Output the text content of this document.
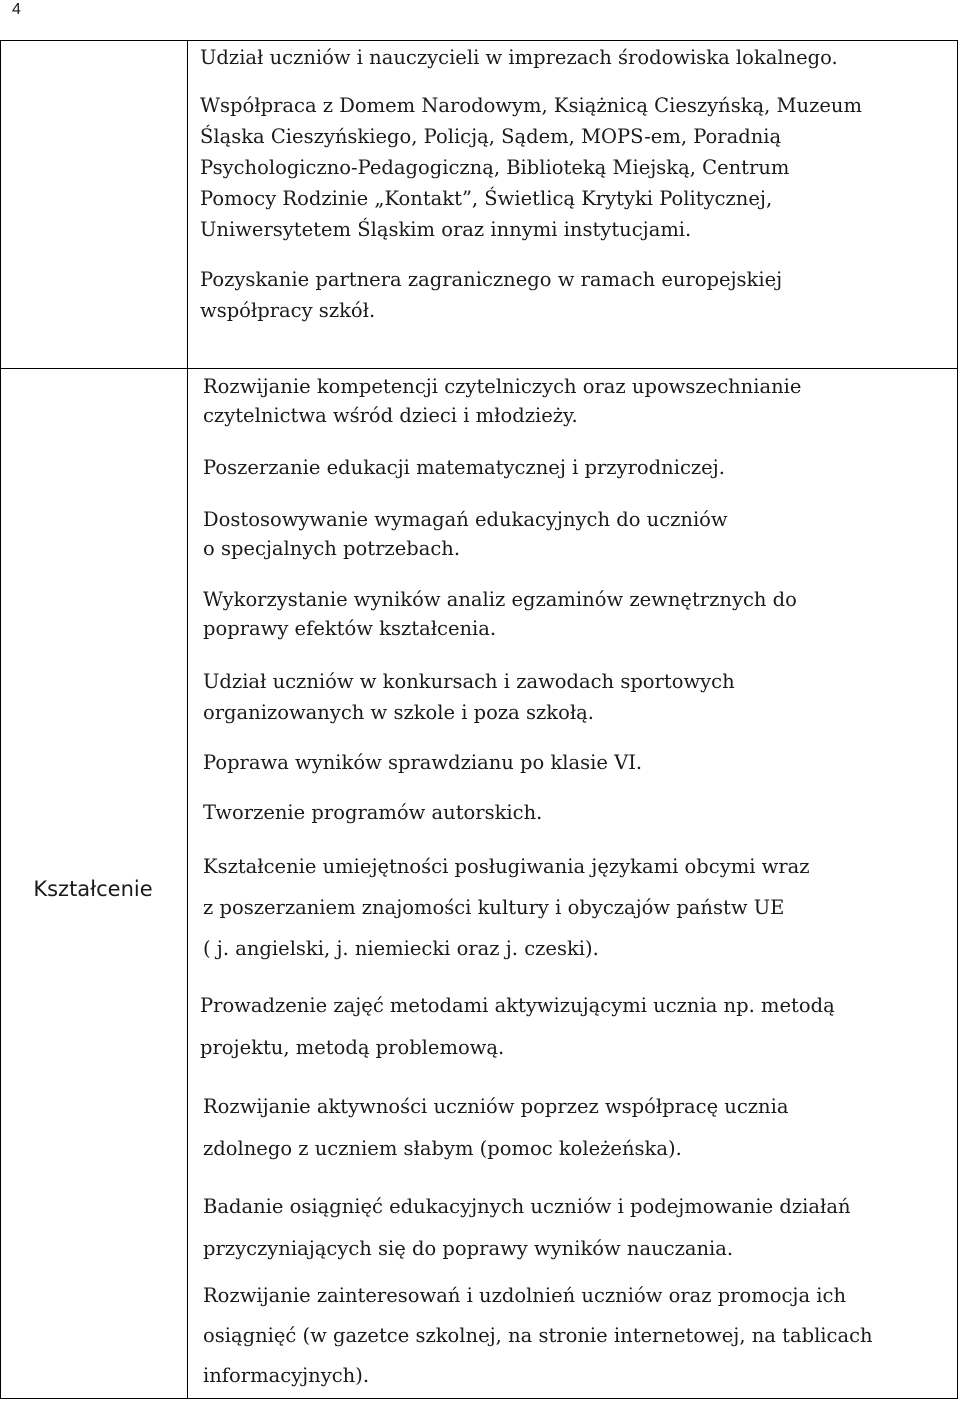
4
Kształcenie
Udział uczniów i nauczycieli w imprezach środowiska lokalnego.
Współpraca z Domem Narodowym, Książnicą Cieszyńską, Muzeum
Śląska Cieszyńskiego, Policją, Sądem, MOPS-em, Poradnią
Psychologiczno-Pedagogiczną, Biblioteką Miejską, Centrum
Pomocy Rodzinie „Kontakt”, Świetlicą Krytyki Politycznej,
Uniwersytetem Śląskim oraz innymi instytucjami.
Pozyskanie partnera zagranicznego w ramach europejskiej
współpracy szkół.
Rozwijanie kompetencji czytelniczych oraz upowszechnianie
czytelnictwa wśród dzieci i młodzieży.
Poszerzanie edukacji matematycznej i przyrodniczej.
Dostosowywanie wymagań edukacyjnych do uczniów
o specjalnych potrzebach.
Wykorzystanie wyników analiz egzaminów zewnętrznych do
poprawy efektów kształcenia.
Udział uczniów w konkursach i zawodach sportowych
organizowanych w szkole i poza szkołą.
Poprawa wyników sprawdzianu po klasie VI.
Tworzenie programów autorskich.
Kształcenie umiejętności posługiwania językami obcymi wraz
z poszerzaniem znajomości kultury i obyczajów państw UE
( j. angielski, j. niemiecki oraz j. czeski).
Prowadzenie zajęć metodami aktywizującymi ucznia np. metodą
projektu, metodą problemową.
Rozwijanie aktywności uczniów poprzez współpracę ucznia
zdolnego z uczniem słabym (pomoc koleżeńska).
Badanie osiągnięć edukacyjnych uczniów i podejmowanie działań
przyczyniających się do poprawy wyników nauczania.
Rozwijanie zainteresowań i uzdolnień uczniów oraz promocja ich
osiągnięć (w gazetce szkolnej, na stronie internetowej, na tablicach
informacyjnych).
